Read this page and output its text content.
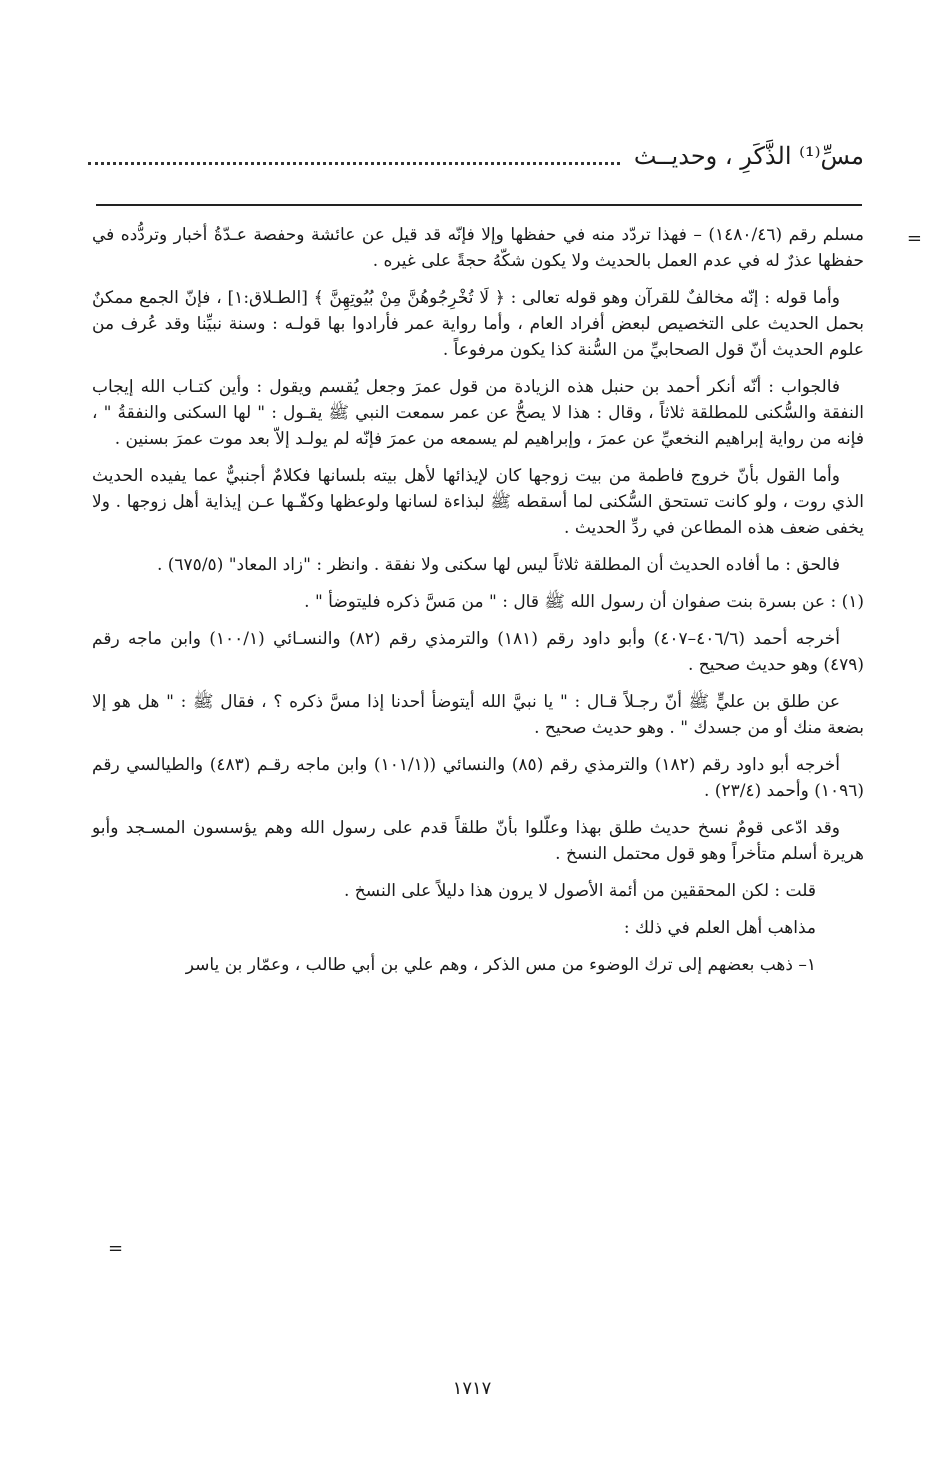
مسِّ⁽¹⁾ الذَّكَرِ ، وحديــث
=

مسلم رقم (١٤٨٠/٤٦) – فهذا تردّد منه في حفظها وإلا فإنّه قد قيل عن عائشة وحفصة عـدّةُ أخبار وتردُّده في حفظها عذرٌ له في عدم العمل بالحديث ولا يكون شكّهُ حجةً على غيره .

وأما قوله : إنّه مخالفٌ للقرآن وهو قوله تعالى : ﴿ لَا تُخْرِجُوهُنَّ مِنْ بُيُوتِهِنَّ ﴾ [الطـلاق:١] ، فإنّ الجمع ممكنٌ بحمل الحديث على التخصيص لبعض أفراد العام ، وأما رواية عمر فأرادوا بها قولـه : وسنة نبيِّنا وقد عُرف من علوم الحديث أنّ قول الصحابيِّ من السُّنة كذا يكون مرفوعاً .

فالجواب : أنّه أنكر أحمد بن حنبل هذه الزيادة من قول عمرَ وجعل يُقسم ويقول : وأين كتـاب الله إيجاب النفقة والسُّكنى للمطلقة ثلاثاً ، وقال : هذا لا يصحُّ عن عمر سمعت النبي ﷺ يقـول : " لها السكنى والنفقةُ " ، فإنه من رواية إبراهيم النخعيِّ عن عمرَ ، وإبراهيم لم يسمعه من عمرَ فإنّه لم يولـد إلاّ بعد موت عمرَ بسنين .

وأما القول بأنّ خروج فاطمة من بيت زوجها كان لإيذائها لأهل بيته بلسانها فكلامٌ أجنبيٌّ عما يفيده الحديث الذي روت ، ولو كانت تستحق السُّكنى لما أسقطه ﷺ لبذاءة لسانها ولوعظها وكفّـها عـن إيذاية أهل زوجها . ولا يخفى ضعف هذه المطاعن في ردِّ الحديث .

فالحق : ما أفاده الحديث أن المطلقة ثلاثاً ليس لها سكنى ولا نفقة . وانظر : "زاد المعاد" (٦٧٥/٥) .

(١) : عن بسرة بنت صفوان أن رسول الله ﷺ قال : " من مَسَّ ذكره فليتوضأ " .

أخرجه أحمد (٤٠٦/٦–٤٠٧) وأبو داود رقم (١٨١) والترمذي رقم (٨٢) والنسـائي (١٠٠/١) وابن ماجه رقم (٤٧٩) وهو حديث صحيح .

عن طلق بن عليٍّ ﷺ أنّ رجـلاً قـال : " يا نبيَّ الله أيتوضأ أحدنا إذا مسَّ ذكره ؟ ، فقال ﷺ : " هل هو إلا بضعة منك أو من جسدك " . وهو حديث صحيح .

أخرجه أبو داود رقم (١٨٢) والترمذي رقم (٨٥) والنسائي ((١٠١/١) وابن ماجه رقـم (٤٨٣) والطيالسي رقم (١٠٩٦) وأحمد (٢٣/٤) .

وقد ادّعى قومٌ نسخ حديث طلق بهذا وعلّلوا بأنّ طلقاً قدم على رسول الله وهم يؤسسون المسـجد وأبو هريرة أسلم متأخراً وهو قول محتمل النسخ .

قلت : لكن المحققين من أئمة الأصول لا يرون هذا دليلاً على النسخ .

مذاهب أهل العلم في ذلك :

١– ذهب بعضهم إلى ترك الوضوء من مس الذكر ، وهم علي بن أبي طالب ، وعمّار بن ياسر

=
١٧١٧
